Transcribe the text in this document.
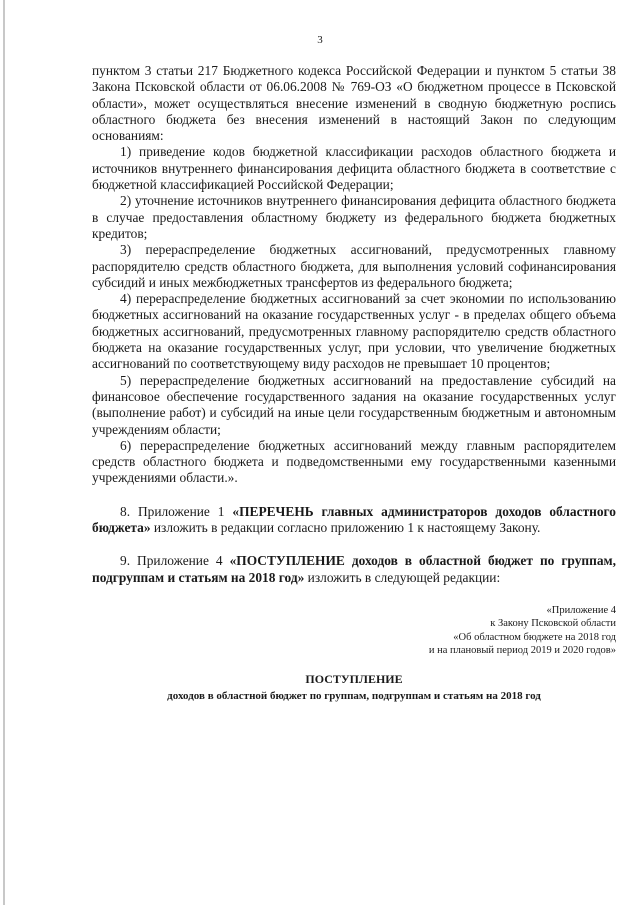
3

пунктом 3 статьи 217 Бюджетного кодекса Российской Федерации и пунктом 5 статьи 38 Закона Псковской области от 06.06.2008 № 769-ОЗ «О бюджетном процессе в Псковской области», может осуществляться внесение изменений в сводную бюджетную роспись областного бюджета без внесения изменений в настоящий Закон по следующим основаниям:

1) приведение кодов бюджетной классификации расходов областного бюджета и источников внутреннего финансирования дефицита областного бюджета в соответствие с бюджетной классификацией Российской Федерации;

2) уточнение источников внутреннего финансирования дефицита областного бюджета в случае предоставления областному бюджету из федерального бюджета бюджетных кредитов;

3) перераспределение бюджетных ассигнований, предусмотренных главному распорядителю средств областного бюджета, для выполнения условий софинансирования субсидий и иных межбюджетных трансфертов из федерального бюджета;

4) перераспределение бюджетных ассигнований за счет экономии по использованию бюджетных ассигнований на оказание государственных услуг - в пределах общего объема бюджетных ассигнований, предусмотренных главному распорядителю средств областного бюджета на оказание государственных услуг, при условии, что увеличение бюджетных ассигнований по соответствующему виду расходов не превышает 10 процентов;

5) перераспределение бюджетных ассигнований на предоставление субсидий на финансовое обеспечение государственного задания на оказание государственных услуг (выполнение работ) и субсидий на иные цели государственным бюджетным и автономным учреждениям области;

6) перераспределение бюджетных ассигнований между главным распорядителем средств областного бюджета и подведомственными ему государственными казенными учреждениями области.».

8. Приложение 1 «ПЕРЕЧЕНЬ главных администраторов доходов областного бюджета» изложить в редакции согласно приложению 1 к настоящему Закону.

9. Приложение 4 «ПОСТУПЛЕНИЕ доходов в областной бюджет по группам, подгруппам и статьям на 2018 год» изложить в следующей редакции:

«Приложение 4
к Закону Псковской области
«Об областном бюджете на 2018 год
и на плановый период 2019 и 2020 годов»
ПОСТУПЛЕНИЕ
доходов в областной бюджет по группам, подгруппам и статьям на 2018 год
